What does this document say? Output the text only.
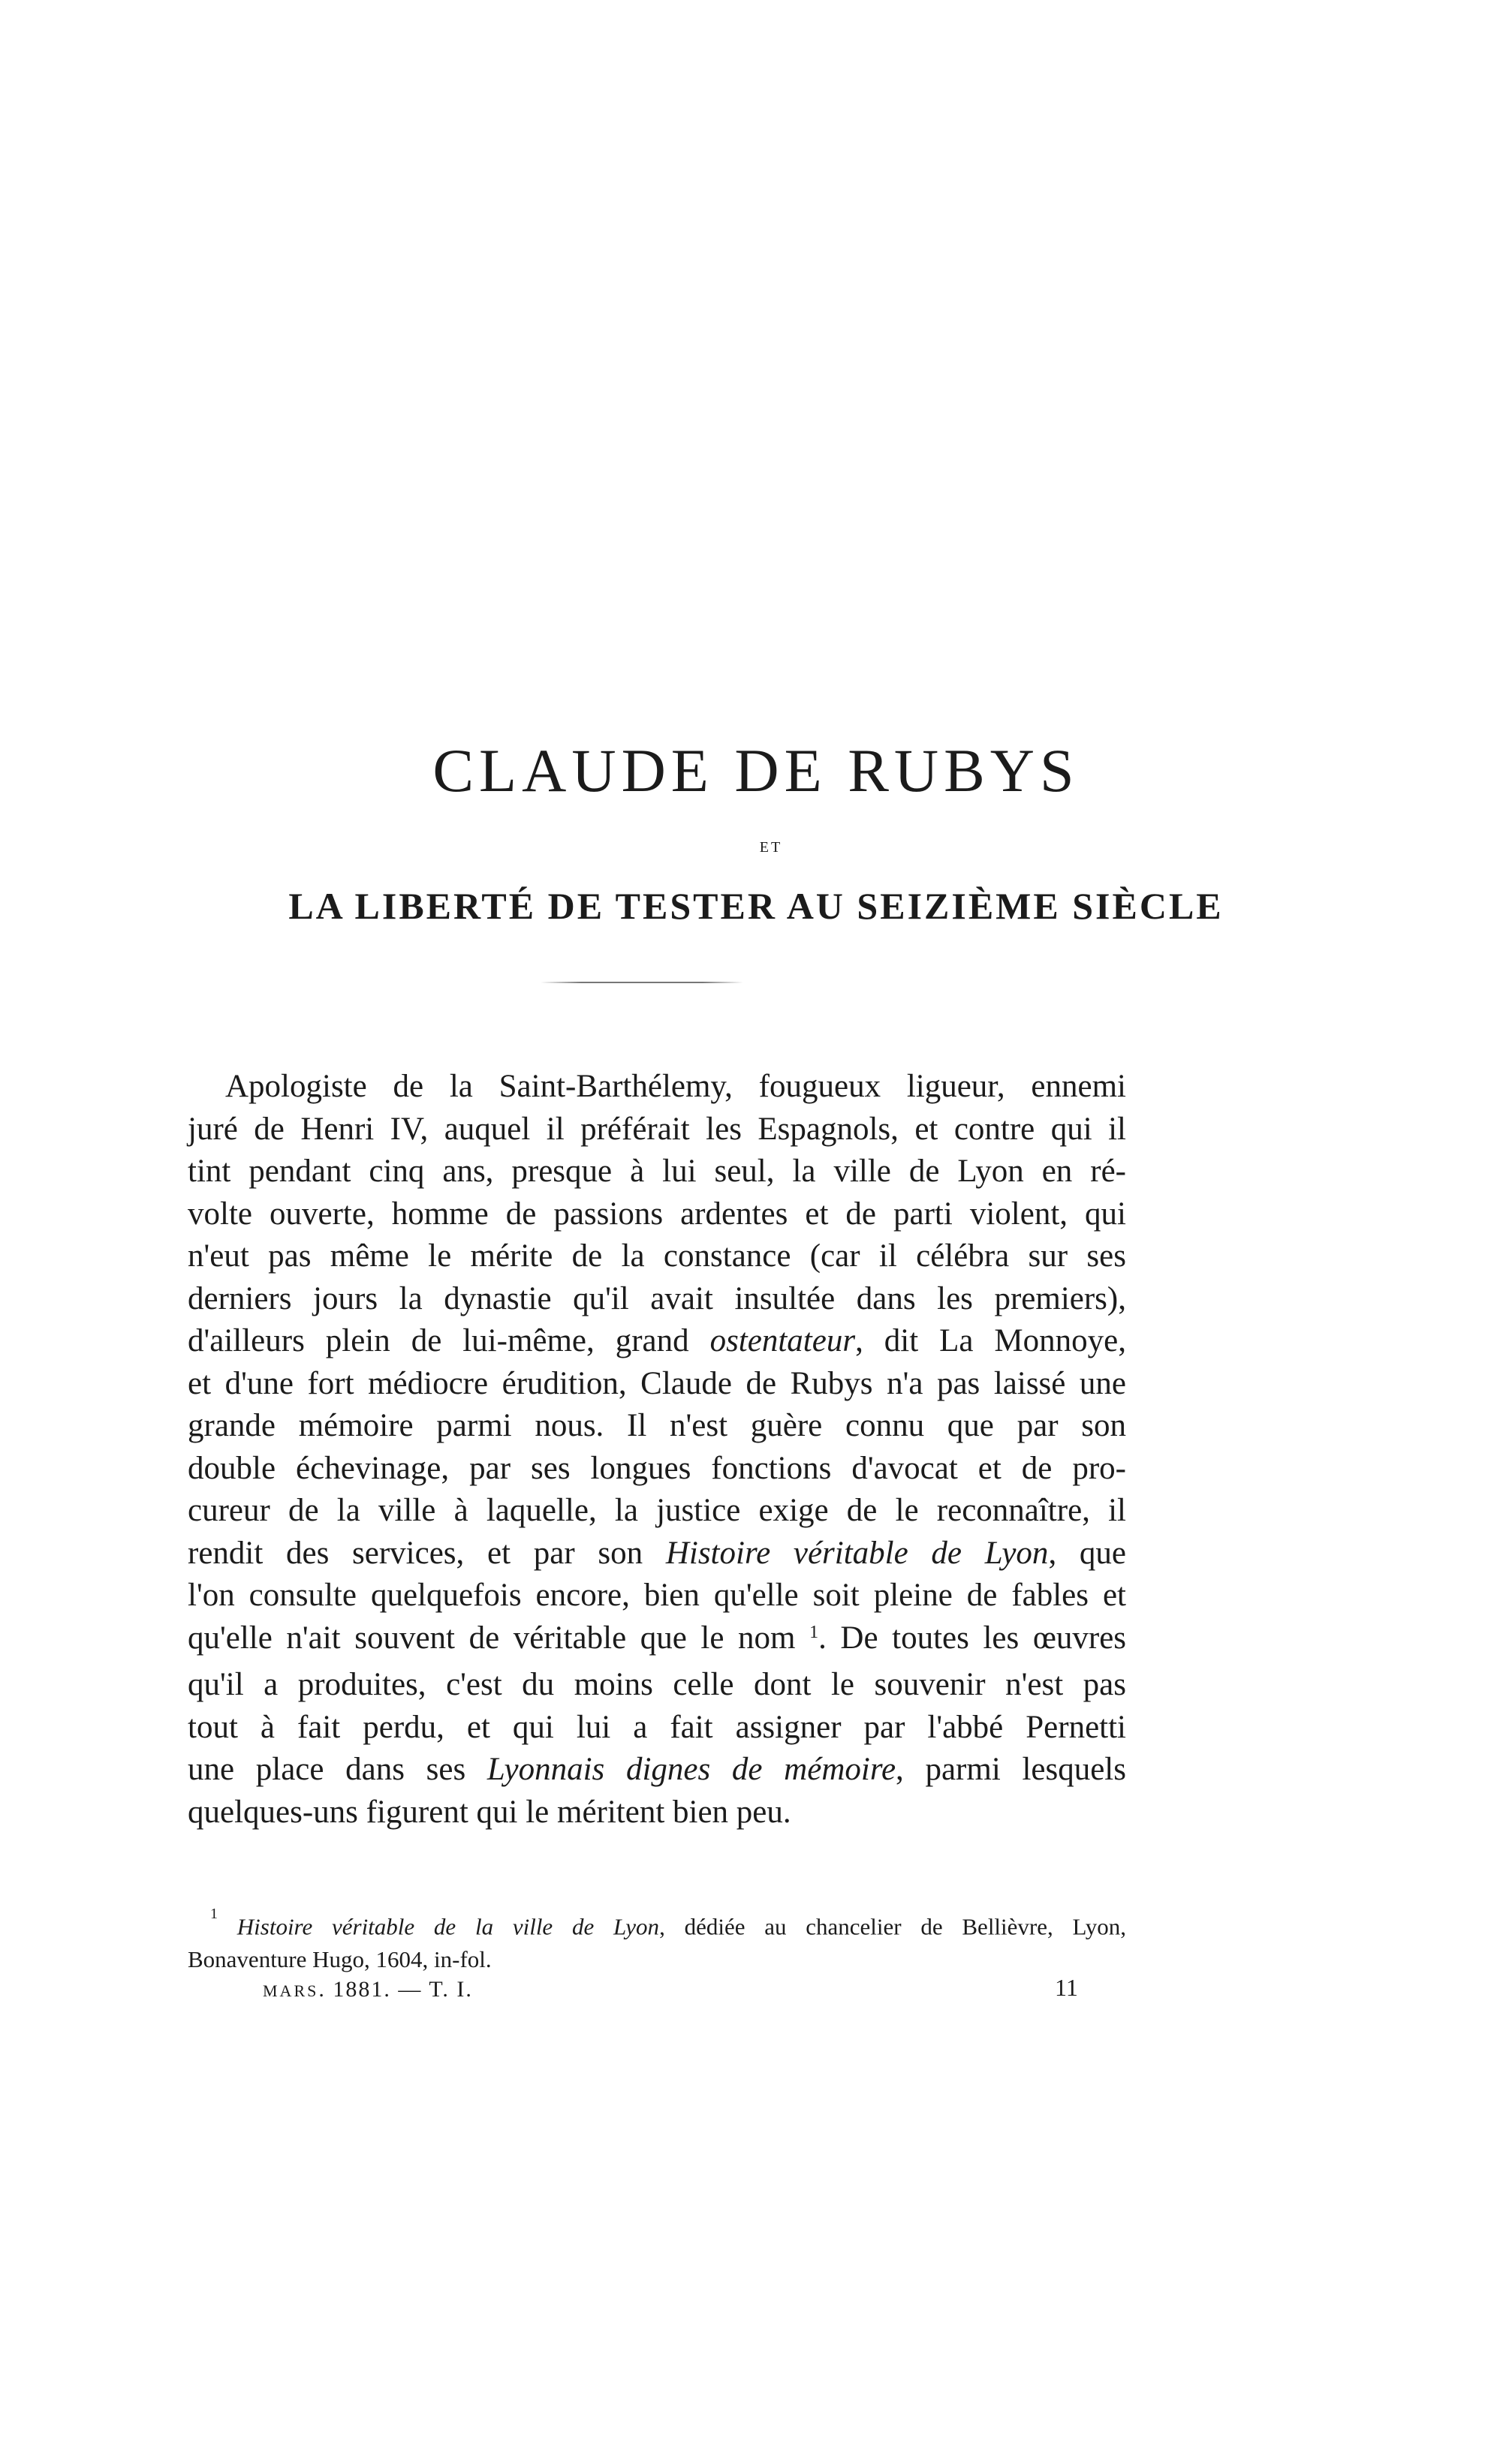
CLAUDE DE RUBYS
ET
LA LIBERTÉ DE TESTER AU SEIZIÈME SIÈCLE
Apologiste de la Saint-Barthélemy, fougueux ligueur, ennemi
juré de Henri IV, auquel il préférait les Espagnols, et contre qui il
tint pendant cinq ans, presque à lui seul, la ville de Lyon en ré-
volte ouverte, homme de passions ardentes et de parti violent, qui
n'eut pas même le mérite de la constance (car il célébra sur ses
derniers jours la dynastie qu'il avait insultée dans les premiers),
d'ailleurs plein de lui-même, grand ostentateur, dit La Monnoye,
et d'une fort médiocre érudition, Claude de Rubys n'a pas laissé une
grande mémoire parmi nous. Il n'est guère connu que par son
double échevinage, par ses longues fonctions d'avocat et de pro-
cureur de la ville à laquelle, la justice exige de le reconnaître, il
rendit des services, et par son Histoire véritable de Lyon, que
l'on consulte quelquefois encore, bien qu'elle soit pleine de fables et
qu'elle n'ait souvent de véritable que le nom $^1$. De toutes les œuvres
qu'il a produites, c'est du moins celle dont le souvenir n'est pas
tout à fait perdu, et qui lui a fait assigner par l'abbé Pernetti
une place dans ses Lyonnais dignes de mémoire, parmi lesquels
quelques-uns figurent qui le méritent bien peu.
$^1$ Histoire véritable de la ville de Lyon, dédiée au chancelier de Bellièvre, Lyon,
Bonaventure Hugo, 1604, in-fol.
MARS. 1881. — T. I.	11
